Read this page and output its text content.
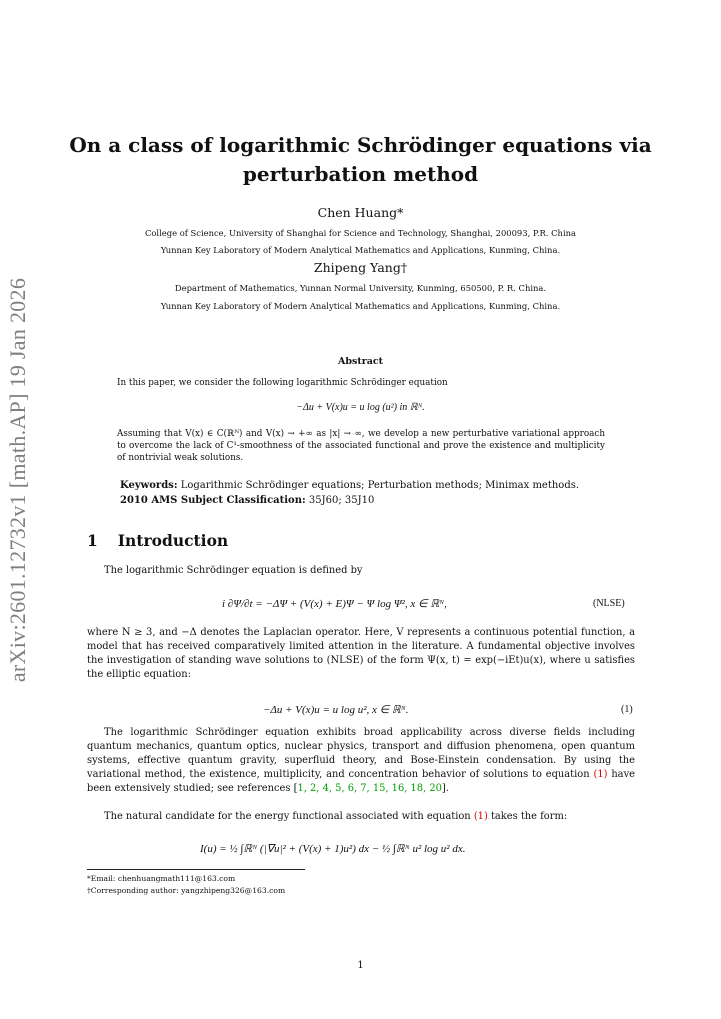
arXiv:2601.12732v1 [math.AP] 19 Jan 2026
On a class of logarithmic Schrödinger equations via
perturbation method
Chen Huang*
College of Science, University of Shanghai for Science and Technology, Shanghai, 200093, P.R. China
Yunnan Key Laboratory of Modern Analytical Mathematics and Applications, Kunming, China.
Zhipeng Yang†
Department of Mathematics, Yunnan Normal University, Kunming, 650500, P. R. China.
Yunnan Key Laboratory of Modern Analytical Mathematics and Applications, Kunming, China.
Abstract
In this paper, we consider the following logarithmic Schrödinger equation
−Δu + V(x)u = u log (u²) in ℝᴺ.
Assuming that V(x) ∈ C(ℝᴺ) and V(x) → +∞ as |x| → ∞, we develop a new perturbative variational approach to overcome the lack of C¹-smoothness of the associated functional and prove the existence and multiplicity of nontrivial weak solutions.
Keywords: Logarithmic Schrödinger equations; Perturbation methods; Minimax methods.
2010 AMS Subject Classification: 35J60; 35J10
1 Introduction
The logarithmic Schrödinger equation is defined by
i ∂Ψ/∂t = −ΔΨ + (V(x) + E)Ψ − Ψ log Ψ², x ∈ ℝᴺ,	(NLSE)
where N ≥ 3, and −Δ denotes the Laplacian operator. Here, V represents a continuous potential function, a model that has received comparatively limited attention in the literature. A fundamental objective involves the investigation of standing wave solutions to (NLSE) of the form Ψ(x, t) = exp(−iEt)u(x), where u satisfies the elliptic equation:
−Δu + V(x)u = u log u², x ∈ ℝᴺ.	(1)
The logarithmic Schrödinger equation exhibits broad applicability across diverse fields including quantum mechanics, quantum optics, nuclear physics, transport and diffusion phenomena, open quantum systems, effective quantum gravity, superfluid theory, and Bose-Einstein condensation. By using the variational method, the existence, multiplicity, and concentration behavior of solutions to equation (1) have been extensively studied; see references [1, 2, 4, 5, 6, 7, 15, 16, 18, 20].
The natural candidate for the energy functional associated with equation (1) takes the form:
I(u) = ½ ∫ℝᴺ (|∇u|² + (V(x) + 1)u²) dx − ½ ∫ℝᴺ u² log u² dx.
*Email: chenhuangmath111@163.com
†Corresponding author: yangzhipeng326@163.com
1
